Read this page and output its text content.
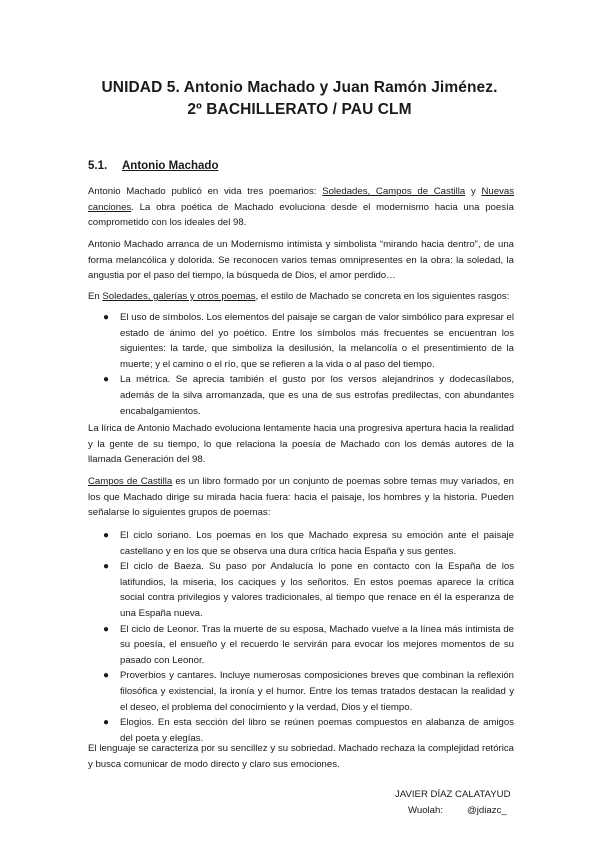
UNIDAD 5. Antonio Machado y Juan Ramón Jiménez.
2º BACHILLERATO / PAU CLM
5.1. Antonio Machado

Antonio Machado publicó en vida tres poemarios: Soledades, Campos de Castilla y Nuevas canciones. La obra poética de Machado evoluciona desde el modernismo hacia una poesía comprometido con los ideales del 98.

Antonio Machado arranca de un Modernismo intimista y simbolista “mirando hacia dentro”, de una forma melancólica y dolorida. Se reconocen varios temas omnipresentes en la obra: la soledad, la angustia por el paso del tiempo, la búsqueda de Dios, el amor perdido…

En Soledades, galerías y otros poemas, el estilo de Machado se concreta en los siguientes rasgos:

● El uso de símbolos. Los elementos del paisaje se cargan de valor simbólico para expresar el estado de ánimo del yo poético. Entre los símbolos más frecuentes se encuentran los siguientes: la tarde, que simboliza la desilusión, la melancolía o el presentimiento de la muerte; y el camino o el río, que se refieren a la vida o al paso del tiempo.
● La métrica. Se aprecia también el gusto por los versos alejandrinos y dodecasílabos, además de la silva arromanzada, que es una de sus estrofas predilectas, con abundantes encabalgamientos.

La lírica de Antonio Machado evoluciona lentamente hacia una progresiva apertura hacia la realidad y la gente de su tiempo, lo que relaciona la poesía de Machado con los demás autores de la llamada Generación del 98.

Campos de Castilla es un libro formado por un conjunto de poemas sobre temas muy variados, en los que Machado dirige su mirada hacia fuera: hacia el paisaje, los hombres y la historia. Pueden señalarse lo siguientes grupos de poemas:

● El ciclo soriano. Los poemas en los que Machado expresa su emoción ante el paisaje castellano y en los que se observa una dura crítica hacia España y sus gentes.
● El ciclo de Baeza. Su paso por Andalucía lo pone en contacto con la España de los latifundios, la miseria, los caciques y los señoritos. En estos poemas aparece la crítica social contra privilegios y valores tradicionales, al tiempo que renace en él la esperanza de una España nueva.
● El ciclo de Leonor. Tras la muerte de su esposa, Machado vuelve a la línea más intimista de su poesía, el ensueño y el recuerdo le servirán para evocar los mejores momentos de su pasado con Leonor.
● Proverbios y cantares. Incluye numerosas composiciones breves que combinan la reflexión filosófica y existencial, la ironía y el humor. Entre los temas tratados destacan la realidad y el deseo, el problema del conocimiento y la verdad, Dios y el tiempo.
● Elogios. En esta sección del libro se reúnen poemas compuestos en alabanza de amigos del poeta y elegías.

El lenguaje se caracteriza por su sencillez y su sobriedad. Machado rechaza la complejidad retórica y busca comunicar de modo directo y claro sus emociones.

JAVIER DÍAZ CALATAYUD
Wuolah:	@jdiazc_
